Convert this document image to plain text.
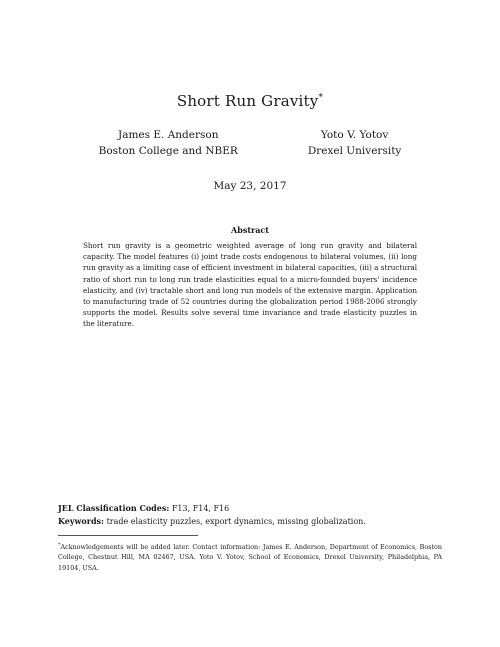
Short Run Gravity*
James E. Anderson
Boston College and NBER
Yoto V. Yotov
Drexel University
May 23, 2017
Abstract
Short run gravity is a geometric weighted average of long run gravity and bilateral capacity. The model features (i) joint trade costs endogenous to bilateral volumes, (ii) long run gravity as a limiting case of efficient investment in bilateral capacities, (iii) a structural ratio of short run to long run trade elasticities equal to a micro-founded buyers' incidence elasticity, and (iv) tractable short and long run models of the extensive margin. Application to manufacturing trade of 52 countries during the globalization period 1988-2006 strongly supports the model. Results solve several time invariance and trade elasticity puzzles in the literature.
JEL Classification Codes: F13, F14, F16
Keywords: trade elasticity puzzles, export dynamics, missing globalization.
*Acknowledgements will be added later. Contact information: James E. Anderson, Department of Economics, Boston College, Chestnut Hill, MA 02467, USA. Yoto V. Yotov, School of Economics, Drexel University, Philadelphia, PA 19104, USA.
